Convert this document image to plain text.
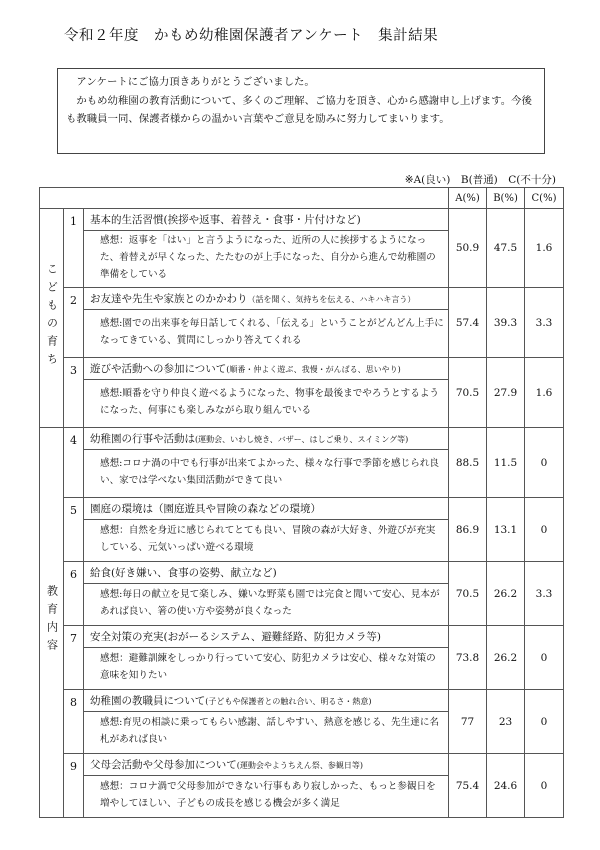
令和２年度　かもめ幼稚園保護者アンケート　集計結果

アンケートにご協力頂きありがとうございました。

かもめ幼稚園の教育活動について、多くのご理解、ご協力を頂き、心から感謝申し上げます。今後も教職員一同、保護者様からの温かい言葉やご意見を励みに努力してまいります。

※A(良い)　B(普通)　C(不十分)
			A(%)	B(%)	C(%)
こどもの育ち	1	基本的生活習慣(挨拶や返事、着替え・食事・片付けなど)	50.9	47.5	1.6

		感想：返事を「はい」と言うようになった、近所の人に挨拶するようになった、着替えが早くなった、たたむのが上手になった、自分から進んで幼稚園の準備をしている			

	2	お友達や先生や家族とのかかわり（話を聞く、気持ちを伝える、ハキハキ言う）	57.4	39.3	3.3

		感想:園での出来事を毎日話してくれる、「伝える」ということがどんどん上手になってきている、質問にしっかり答えてくれる			

	3	遊びや活動への参加について(順番・仲よく遊ぶ、我慢・がんばる、思いやり)	70.5	27.9	1.6

		感想:順番を守り仲良く遊べるようになった、物事を最後までやろうとするようになった、何事にも楽しみながら取り組んでいる			

教育内容	4	幼稚園の行事や活動は(運動会、いわし焼き、バザー、はしご乗り、スイミング等)	88.5	11.5	0

		感想:コロナ渦の中でも行事が出来てよかった、様々な行事で季節を感じられ良い、家では学べない集団活動ができて良い			

	5	園庭の環境は（園庭遊具や冒険の森などの環境）	86.9	13.1	0

		感想：自然を身近に感じられてとても良い、冒険の森が大好き、外遊びが充実している、元気いっぱい遊べる環境			

	6	給食(好き嫌い、食事の姿勢、献立など)	70.5	26.2	3.3

		感想:毎日の献立を見て楽しみ、嫌いな野菜も園では完食と聞いて安心、見本があれば良い、箸の使い方や姿勢が良くなった			

	7	安全対策の充実(おがーるシステム、避難経路、防犯カメラ等)	73.8	26.2	0

		感想：避難訓練をしっかり行っていて安心、防犯カメラは安心、様々な対策の意味を知りたい			

	8	幼稚園の教職員について(子どもや保護者との触れ合い、明るさ・熱意)	77	23	0

		感想:育児の相談に乗ってもらい感謝、話しやすい、熱意を感じる、先生達に名札があれば良い			

	9	父母会活動や父母参加について(運動会やようちえん祭、参観日等)	75.4	24.6	0

		感想：コロナ渦で父母参加ができない行事もあり寂しかった、もっと参観日を増やしてほしい、子どもの成長を感じる機会が多く満足			
